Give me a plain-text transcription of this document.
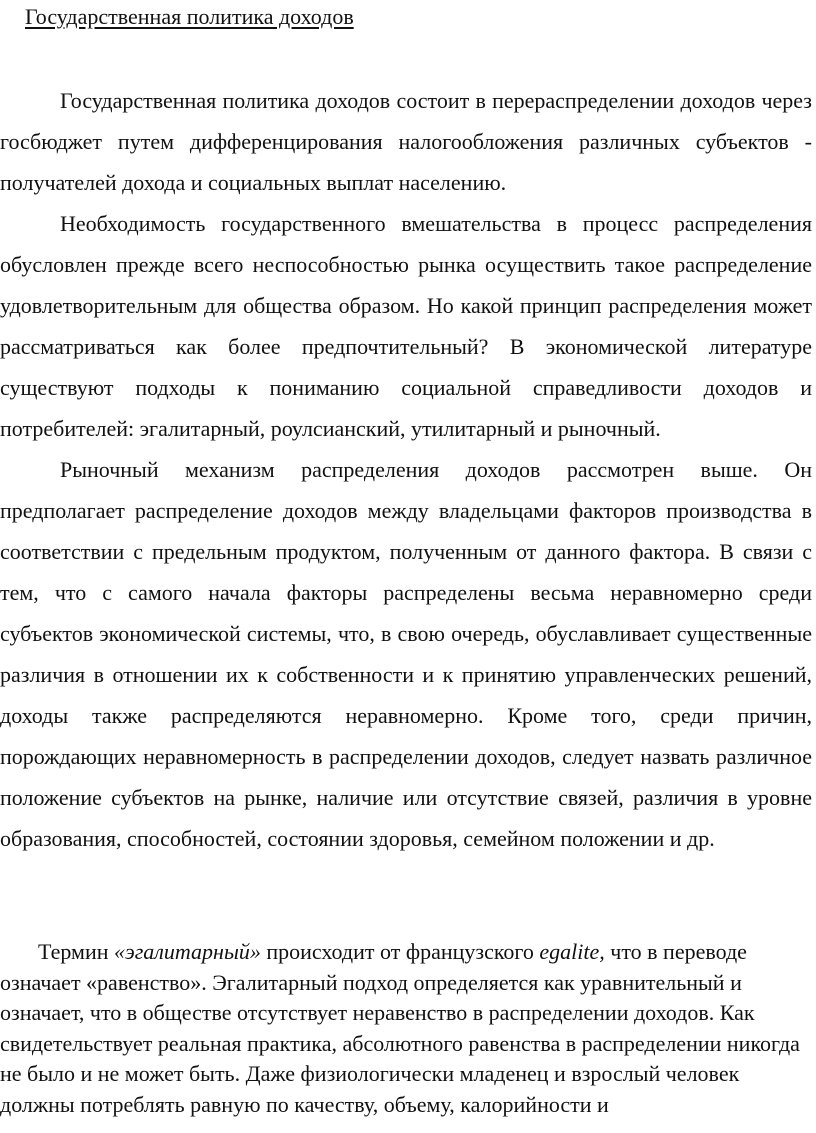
Государственная политика доходов

Государственная политика доходов состоит в перераспределении доходов через госбюджет путем дифференцирования налогообложения различных субъектов - получателей дохода и социальных выплат населению.

Необходимость государственного вмешательства в процесс распределения обусловлен прежде всего неспособностью рынка осуществить такое распределение удовлетворительным для общества образом. Но какой принцип распределения может рассматриваться как более предпочтительный? В экономической литературе существуют подходы к пониманию социальной справедливости доходов и потребителей: эгалитарный, роулсианский, утилитарный и рыночный.

Рыночный механизм распределения доходов рассмотрен выше. Он предполагает распределение доходов между владельцами факторов производства в соответствии с предельным продуктом, полученным от данного фактора. В связи с тем, что с самого начала факторы распределены весьма неравномерно среди субъектов экономической системы, что, в свою очередь, обуславливает существенные различия в отношении их к собственности и к принятию управленческих решений, доходы также распределяются неравномерно. Кроме того, среди причин, порождающих неравномерность в распределении доходов, следует назвать различное положение субъектов на рынке, наличие или отсутствие связей, различия в уровне образования, способностей, состоянии здоровья, семейном положении и др.

Термин «эгалитарный» происходит от французского egalite, что в переводе означает «равенство». Эгалитарный подход определяется как уравнительный и означает, что в обществе отсутствует неравенство в распределении доходов. Как свидетельствует реальная практика, абсолютного равенства в распределении никогда не было и не может быть. Даже физиологически младенец и взрослый человек должны потреблять равную по качеству, объему, калорийности и
